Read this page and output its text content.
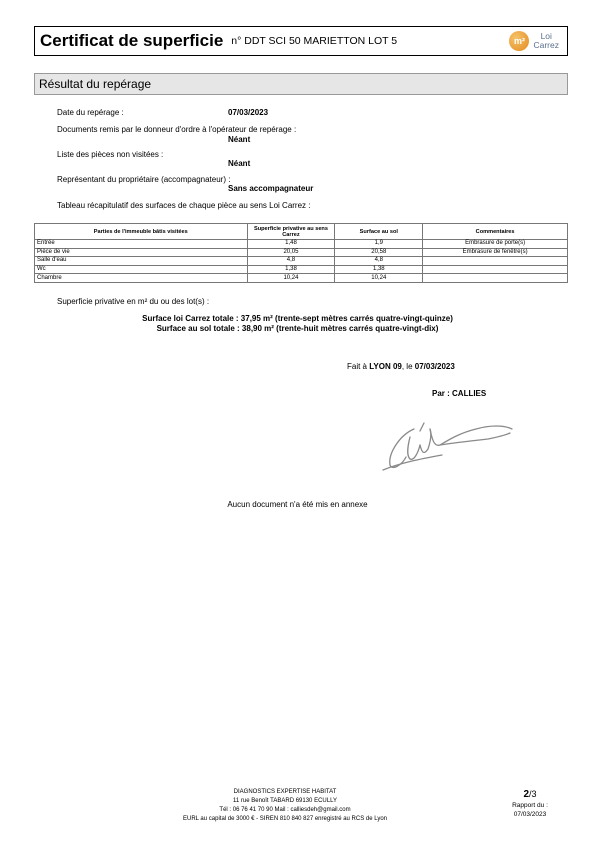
Certificat de superficie n° DDT SCI 50 MARIETTON LOT 5	m²	Loi
Carrez
Résultat du repérage
Date du repérage :	07/03/2023
Documents remis par le donneur d'ordre à l'opérateur de repérage :
Néant
Liste des pièces non visitées :
Néant
Représentant du propriétaire (accompagnateur) :
Sans accompagnateur
Tableau récapitulatif des surfaces de chaque pièce au sens Loi Carrez :
Parties de l'immeuble bâtis visitées	Superficie privative au sens Carrez	Surface au sol	Commentaires
Entrée	1,48	1,9	Embrasure de porte(s)
Pièce de vie	20,05	20,58	Embrasure de fenêtre(s)
Salle d'eau	4,8	4,8	
Wc	1,38	1,38	
Chambre	10,24	10,24	
Superficie privative en m² du ou des lot(s) :
Surface loi Carrez totale : 37,95 m² (trente-sept mètres carrés quatre-vingt-quinze)
Surface au sol totale : 38,90 m² (trente-huit mètres carrés quatre-vingt-dix)
Fait à LYON 09, le 07/03/2023
Par : CALLIES
Aucun document n'a été mis en annexe
DIAGNOSTICS EXPERTISE HABITAT
11 rue Benoît TABARD 69130 ECULLY
Tél : 06 76 41 70 90 Mail : calliesdeh@gmail.com
EURL au capital de 3000 € - SIREN 810 840 827 enregistré au RCS de Lyon
2/3
Rapport du :
07/03/2023
